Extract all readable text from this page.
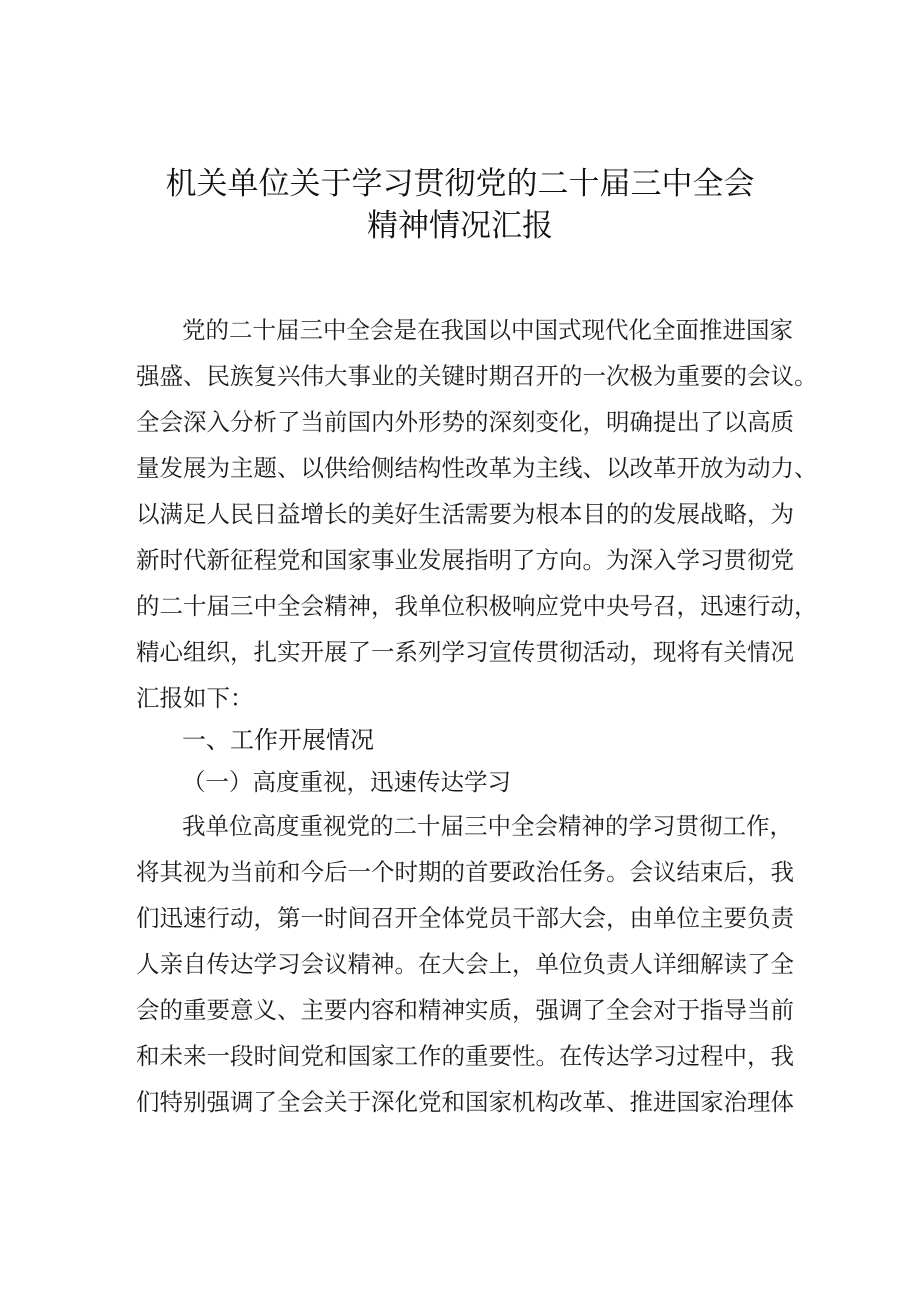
机关单位关于学习贯彻党的二十届三中全会
精神情况汇报
党的二十届三中全会是在我国以中国式现代化全面推进国家
强盛、民族复兴伟大事业的关键时期召开的一次极为重要的会议。
全会深入分析了当前国内外形势的深刻变化，明确提出了以高质
量发展为主题、以供给侧结构性改革为主线、以改革开放为动力、
以满足人民日益增长的美好生活需要为根本目的的发展战略，为
新时代新征程党和国家事业发展指明了方向。为深入学习贯彻党
的二十届三中全会精神，我单位积极响应党中央号召，迅速行动，
精心组织，扎实开展了一系列学习宣传贯彻活动，现将有关情况
汇报如下：
一、工作开展情况
（一）高度重视，迅速传达学习
我单位高度重视党的二十届三中全会精神的学习贯彻工作，
将其视为当前和今后一个时期的首要政治任务。会议结束后，我
们迅速行动，第一时间召开全体党员干部大会，由单位主要负责
人亲自传达学习会议精神。在大会上，单位负责人详细解读了全
会的重要意义、主要内容和精神实质，强调了全会对于指导当前
和未来一段时间党和国家工作的重要性。在传达学习过程中，我
们特别强调了全会关于深化党和国家机构改革、推进国家治理体
